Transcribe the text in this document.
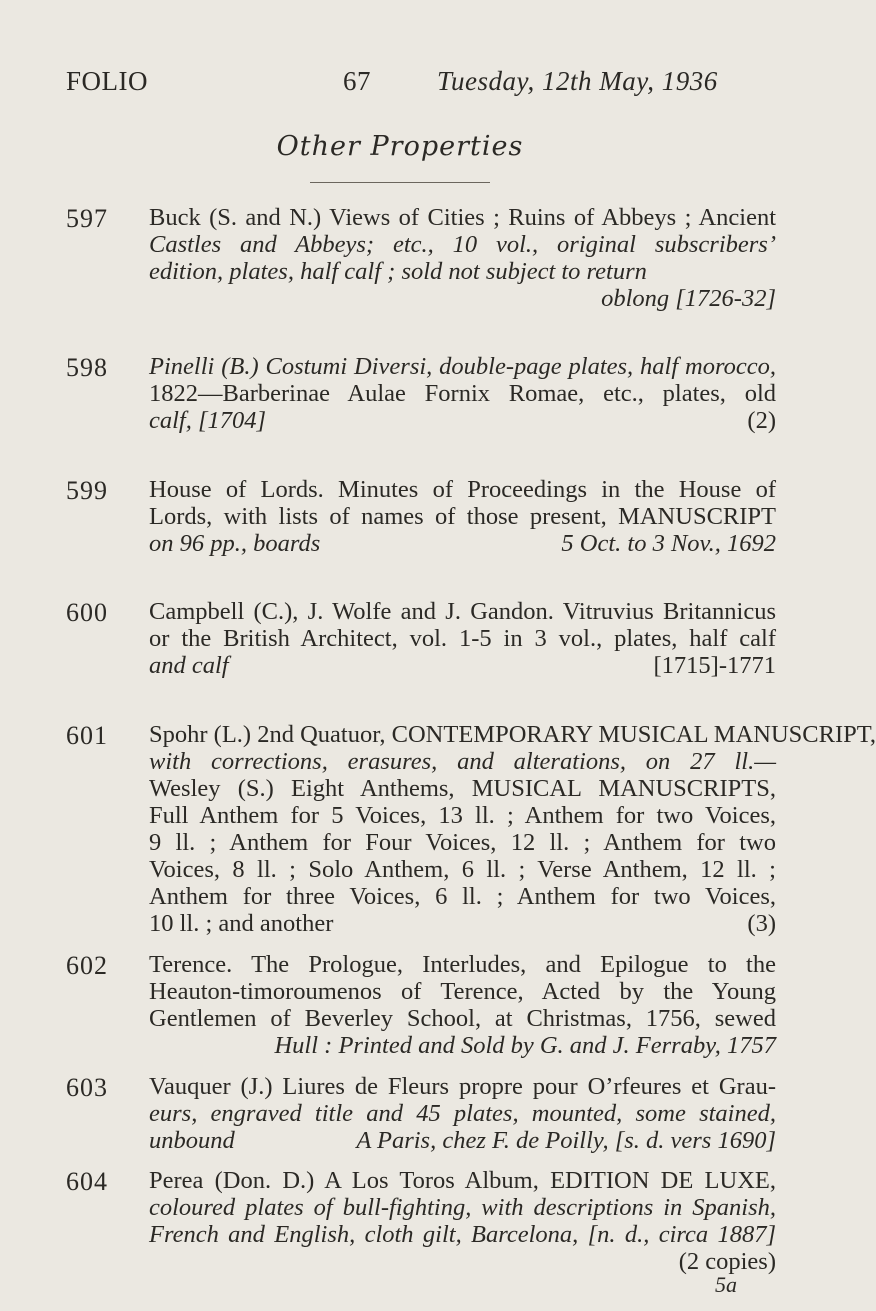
FOLIO	67 Tuesday, 12th May, 1936
Other Properties
597 Buck (S. and N.) Views of Cities ; Ruins of Abbeys ; Ancient
Castles and Abbeys; etc., 10 vol., original subscribers’
edition, plates, half calf ; sold not subject to return
oblong [1726-32]
598 Pinelli (B.) Costumi Diversi, double-page plates, half morocco,
1822—Barberinae Aulae Fornix Romae, etc., plates, old
calf, [1704]	(2)
599 House of Lords. Minutes of Proceedings in the House of
Lords, with lists of names of those present, MANUSCRIPT
on 96 pp., boards	5 Oct. to 3 Nov., 1692
600 Campbell (C.), J. Wolfe and J. Gandon. Vitruvius Britannicus
or the British Architect, vol. 1-5 in 3 vol., plates, half calf
and calf	[1715]-1771
601 Spohr (L.) 2nd Quatuor, CONTEMPORARY MUSICAL MANUSCRIPT,
with corrections, erasures, and alterations, on 27 ll.—
Wesley (S.) Eight Anthems, MUSICAL MANUSCRIPTS,
Full Anthem for 5 Voices, 13 ll. ; Anthem for two Voices,
9 ll. ; Anthem for Four Voices, 12 ll. ; Anthem for two
Voices, 8 ll. ; Solo Anthem, 6 ll. ; Verse Anthem, 12 ll. ;
Anthem for three Voices, 6 ll. ; Anthem for two Voices,
10 ll. ; and another	(3)
602 Terence. The Prologue, Interludes, and Epilogue to the
Heauton-timoroumenos of Terence, Acted by the Young
Gentlemen of Beverley School, at Christmas, 1756, sewed
Hull : Printed and Sold by G. and J. Ferraby, 1757
603 Vauquer (J.) Liures de Fleurs propre pour O’rfeures et Grau-
eurs, engraved title and 45 plates, mounted, some stained,
unbound	A Paris, chez F. de Poilly, [s. d. vers 1690]
604 Perea (Don. D.) A Los Toros Album, EDITION DE LUXE,
coloured plates of bull-fighting, with descriptions in Spanish,
French and English, cloth gilt, Barcelona, [n. d., circa 1887]
(2 copies)
5a
